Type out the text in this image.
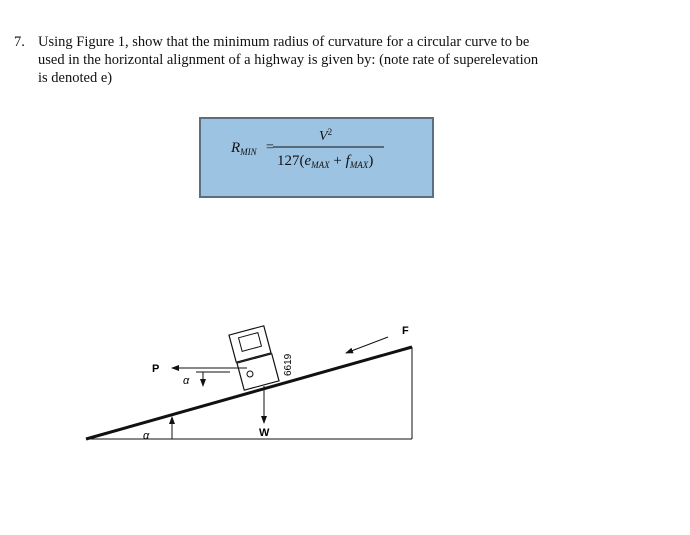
7. Using Figure 1, show that the minimum radius of curvature for a circular curve to be
used in the horizontal alignment of a highway is given by: (note rate of superelevation
is denoted e)
$R_{MIN}$ =
$V^2$
$127(e_{MAX} + f_{MAX})$
α
6619
P
α
W
F
